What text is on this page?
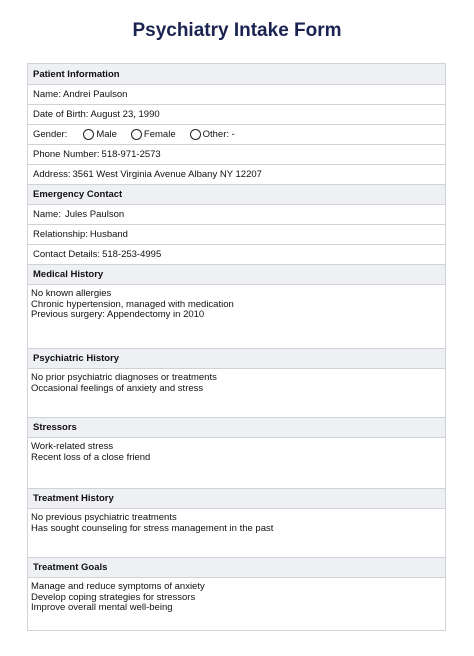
Psychiatry Intake Form
Patient Information
Name: Andrei Paulson
Date of Birth: August 23, 1990
Gender:	Male	Female	Other: -
Phone Number: 518-971-2573
Address: 3561 West Virginia Avenue Albany NY 12207
Emergency Contact
Name: Jules Paulson
Relationship: Husband
Contact Details: 518-253-4995
Medical History
No known allergies
Chronic hypertension, managed with medication
Previous surgery: Appendectomy in 2010
Psychiatric History
No prior psychiatric diagnoses or treatments
Occasional feelings of anxiety and stress
Stressors
Work-related stress
Recent loss of a close friend
Treatment History
No previous psychiatric treatments
Has sought counseling for stress management in the past
Treatment Goals
Manage and reduce symptoms of anxiety
Develop coping strategies for stressors
Improve overall mental well-being
